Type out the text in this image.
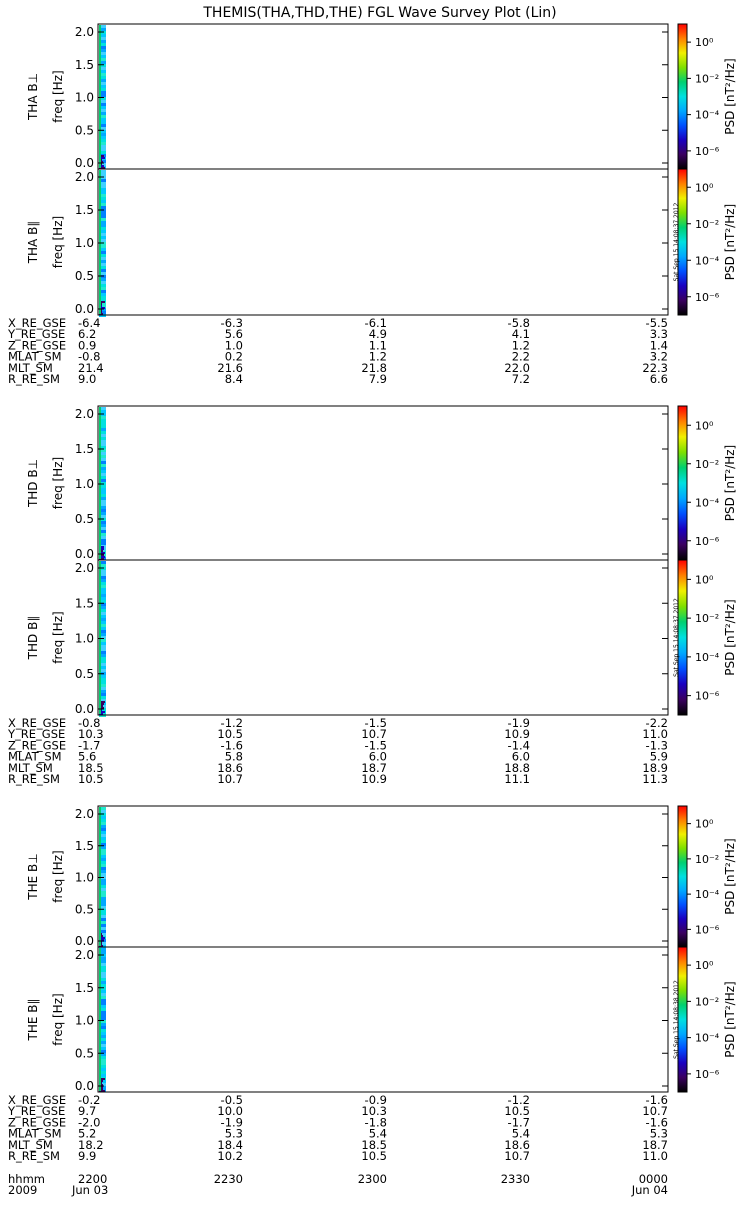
THEMIS(THA,THD,THE) FGL Wave Survey Plot (Lin)
0.0
0.5
1.0
1.5
2.0
THA B⊥ freq [Hz]
10⁰
10⁻²
10⁻⁴
10⁻⁶
PSD [nT²/Hz]
0.0
0.5
1.0
1.5
2.0
THA B∥ freq [Hz]
10⁰
10⁻²
10⁻⁴
10⁻⁶
PSD [nT²/Hz]
Sat Sep 15 14:08:37 2012
X_RE_GSE -6.4	-6.3	-6.1	-5.8	-5.5
Y_RE_GSE 6.2	5.6	4.9	4.1	3.3
Z_RE_GSE 0.9	1.0	1.1	1.2	1.4
MLAT_SM -0.8	0.2	1.2	2.2	3.2
MLT_SM 21.4	21.6	21.8	22.0	22.3
R_RE_SM 9.0	8.4	7.9	7.2	6.6
0.0
0.5
1.0
1.5
2.0
THD B⊥ freq [Hz]
10⁰
10⁻²
10⁻⁴
10⁻⁶
PSD [nT²/Hz]
0.0
0.5
1.0
1.5
2.0
THD B∥ freq [Hz]
10⁰
10⁻²
10⁻⁴
10⁻⁶
PSD [nT²/Hz]
Sat Sep 15 14:08:37 2012
X_RE_GSE -0.8	-1.2	-1.5	-1.9	-2.2
Y_RE_GSE 10.3	10.5	10.7	10.9	11.0
Z_RE_GSE -1.7	-1.6	-1.5	-1.4	-1.3
MLAT_SM 5.6	5.8	6.0	6.0	5.9
MLT_SM 18.5	18.6	18.7	18.8	18.9
R_RE_SM 10.5	10.7	10.9	11.1	11.3
0.0
0.5
1.0
1.5
2.0
THE B⊥ freq [Hz]
10⁰
10⁻²
10⁻⁴
10⁻⁶
PSD [nT²/Hz]
0.0
0.5
1.0
1.5
2.0
THE B∥ freq [Hz]
10⁰
10⁻²
10⁻⁴
10⁻⁶
PSD [nT²/Hz]
Sat Sep 15 14:08:38 2012
X_RE_GSE -0.2	-0.5	-0.9	-1.2	-1.6
Y_RE_GSE 9.7	10.0	10.3	10.5	10.7
Z_RE_GSE -2.0	-1.9	-1.8	-1.7	-1.6
MLAT_SM 5.2	5.3	5.4	5.4	5.3
MLT_SM 18.2	18.4	18.5	18.6	18.7
R_RE_SM 9.9	10.2	10.5	10.7	11.0
hhmm
2009
2200	2230	2300	2330	0000
Jun 03	Jun 04
